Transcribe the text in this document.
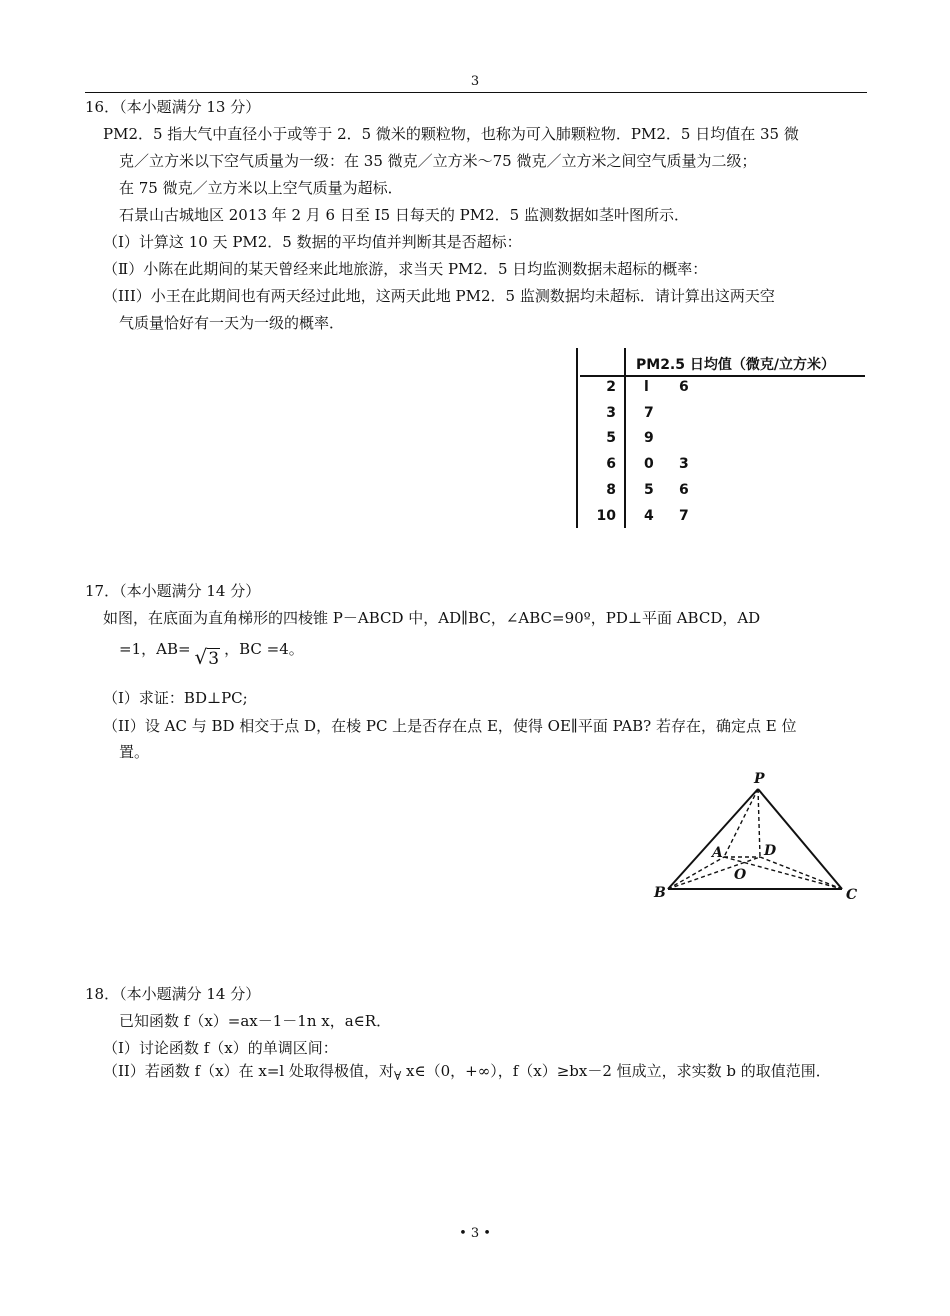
3
16．（本小题满分 13 分）
PM2．5 指大气中直径小于或等于 2．5 微米的颗粒物，也称为可入肺颗粒物．PM2．5 日均值在 35 微
克／立方米以下空气质量为一级：在 35 微克／立方米～75 微克／立方米之间空气质量为二级；
在 75 微克／立方米以上空气质量为超标．
石景山古城地区 2013 年 2 月 6 日至 I5 日每天的 PM2．5 监测数据如茎叶图所示．
（Ⅰ）计算这 10 天 PM2．5 数据的平均值并判断其是否超标：
（Ⅱ）小陈在此期间的某天曾经来此地旅游，求当天 PM2．5 日均监测数据未超标的概率：
（III）小王在此期间也有两天经过此地，这两天此地 PM2．5 监测数据均未超标．请计算出这两天空
气质量恰好有一天为一级的概率．
PM2.5 日均值（微克/立方米）
2 l 6
3 7
5 9
6 0 3
8 5 6
10 4 7
17．（本小题满分 14 分）
如图，在底面为直角梯形的四棱锥 P－ABCD 中，AD∥BC，∠ABC=90º，PD⊥平面 ABCD，AD
=1，AB= √3 ，BC =4。
（I）求证：BD⊥PC;
（II）设 AC 与 BD 相交于点 D，在棱 PC 上是否存在点 E，使得 OE∥平面 PAB? 若存在，确定点 E 位
置。
P
A	D
O
B	C
18．（本小题满分 14 分）
已知函数 f（x）=ax－1－1n x，a∈R．
（I）讨论函数 f（x）的单调区间：
（II）若函数 f（x）在 x=l 处取得极值，对$_\forall$ x∈（0，+∞），f（x）≥bx－2 恒成立，求实数 b 的取值范围．
• 3 •
